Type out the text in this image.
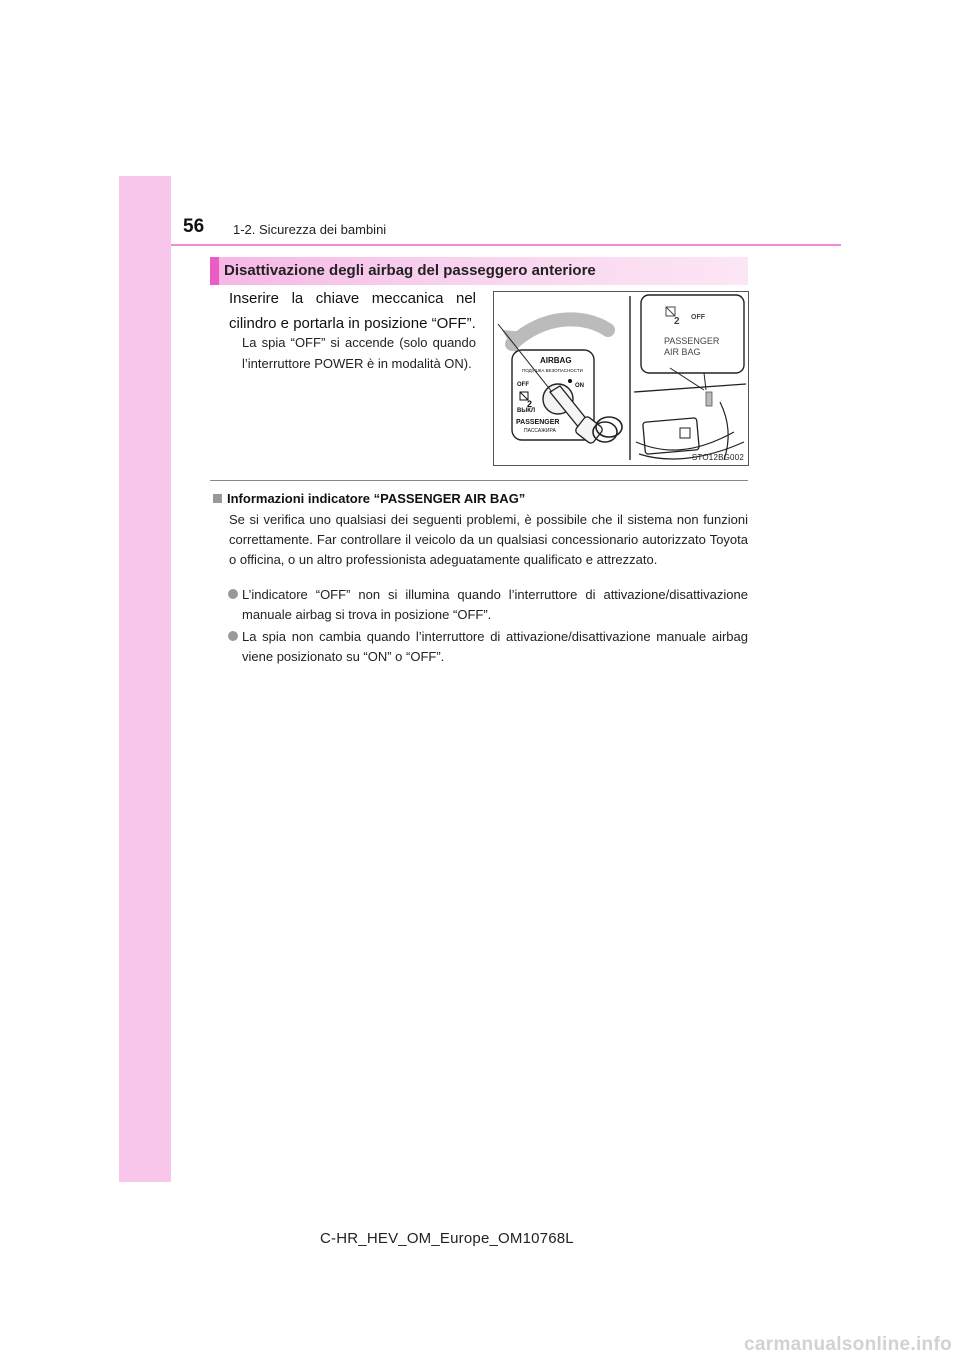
56 1-2. Sicurezza dei bambini
Disattivazione degli airbag del passeggero anteriore
Inserire la chiave meccanica nel cilindro e portarla in posizione “OFF”.
La spia “OFF” si accende (solo quando l’interruttore POWER è in modalità ON).	AIRBAG
ПОДУШКА БЕЗОПАСНОСТИ
OFF	ON
ВЫКЛ
PASSENGER
ПАССАЖИРА
2
2 OFF
PASSENGER
AIR BAG
STO12BG002
Informazioni indicatore “PASSENGER AIR BAG”
Se si verifica uno qualsiasi dei seguenti problemi, è possibile che il sistema non funzioni correttamente. Far controllare il veicolo da un qualsiasi concessionario autorizzato Toyota o officina, o un altro professionista adeguatamente qualificato e attrezzato.
L’indicatore “OFF” non si illumina quando l’interruttore di attivazione/disattivazione manuale airbag si trova in posizione “OFF”.
La spia non cambia quando l’interruttore di attivazione/disattivazione manuale airbag viene posizionato su “ON” o “OFF”.
C-HR_HEV_OM_Europe_OM10768L
carmanualsonline.info
